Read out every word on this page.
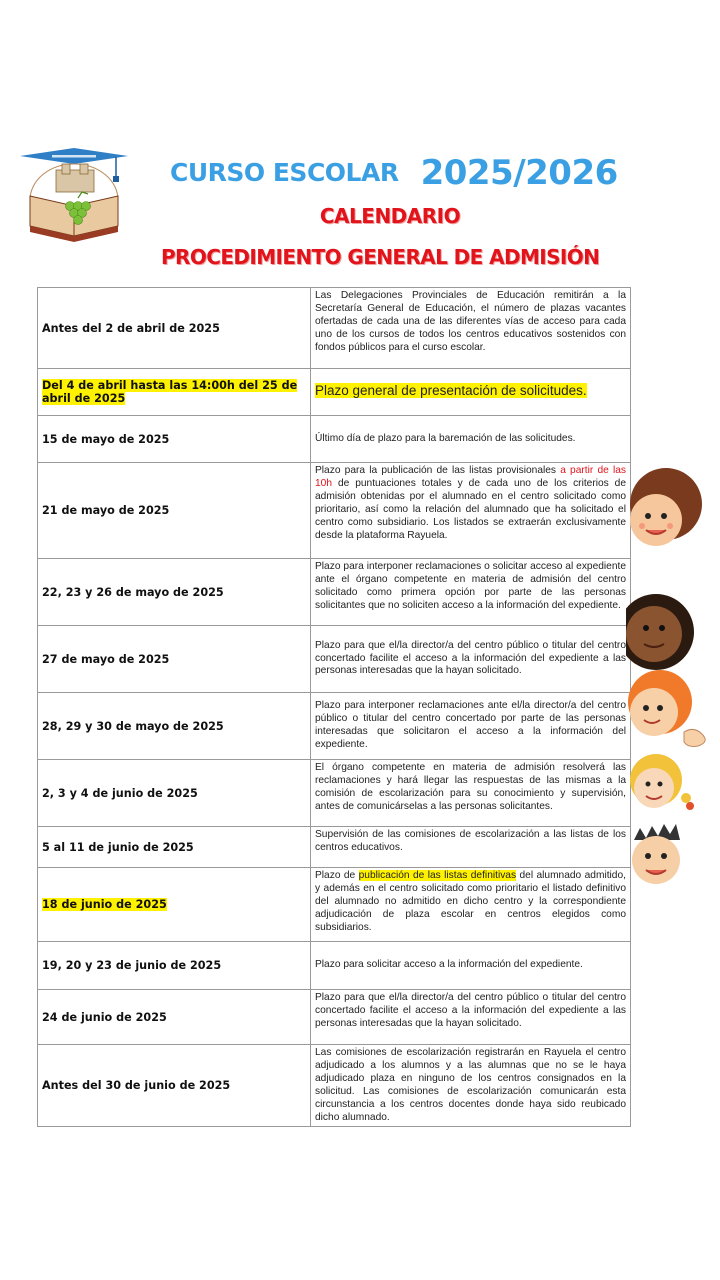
CURSO ESCOLAR 2025/2026
CALENDARIO
PROCEDIMIENTO GENERAL DE ADMISIÓN
Antes del 2 de abril de 2025	Las Delegaciones Provinciales de Educación remitirán a la Secretaría General de Educación, el número de plazas vacantes ofertadas de cada una de las diferentes vías de acceso para cada uno de los cursos de todos los centros educativos sostenidos con fondos públicos para el curso escolar.
Del 4 de abril hasta las 14:00h del 25 de abril de 2025	Plazo general de presentación de solicitudes.
15 de mayo de 2025	Último día de plazo para la baremación de las solicitudes.
21 de mayo de 2025	Plazo para la publicación de las listas provisionales a partir de las 10h de puntuaciones totales y de cada uno de los criterios de admisión obtenidas por el alumnado en el centro solicitado como prioritario, así como la relación del alumnado que ha solicitado el centro como subsidiario. Los listados se extraerán exclusivamente desde la plataforma Rayuela.
22, 23 y 26 de mayo de 2025	Plazo para interponer reclamaciones o solicitar acceso al expediente ante el órgano competente en materia de admisión del centro solicitado como primera opción por parte de las personas solicitantes que no soliciten acceso a la información del expediente.
27 de mayo de 2025	Plazo para que el/la director/a del centro público o titular del centro concertado facilite el acceso a la información del expediente a las personas interesadas que la hayan solicitado.
28, 29 y 30 de mayo de 2025	Plazo para interponer reclamaciones ante el/la director/a del centro público o titular del centro concertado por parte de las personas interesadas que solicitaron el acceso a la información del expediente.
2, 3 y 4 de junio de 2025	El órgano competente en materia de admisión resolverá las reclamaciones y hará llegar las respuestas de las mismas a la comisión de escolarización para su conocimiento y supervisión, antes de comunicárselas a las personas solicitantes.
5 al 11 de junio de 2025	Supervisión de las comisiones de escolarización a las listas de los centros educativos.
18 de junio de 2025	Plazo de publicación de las listas definitivas del alumnado admitido, y además en el centro solicitado como prioritario el listado definitivo del alumnado no admitido en dicho centro y la correspondiente adjudicación de plaza escolar en centros elegidos como subsidiarios.
19, 20 y 23 de junio de 2025	Plazo para solicitar acceso a la información del expediente.
24 de junio de 2025	Plazo para que el/la director/a del centro público o titular del centro concertado facilite el acceso a la información del expediente a las personas interesadas que la hayan solicitado.
Antes del 30 de junio de 2025	Las comisiones de escolarización registrarán en Rayuela el centro adjudicado a los alumnos y a las alumnas que no se le haya adjudicado plaza en ninguno de los centros consignados en la solicitud. Las comisiones de escolarización comunicarán esta circunstancia a los centros docentes donde haya sido reubicado dicho alumnado.
